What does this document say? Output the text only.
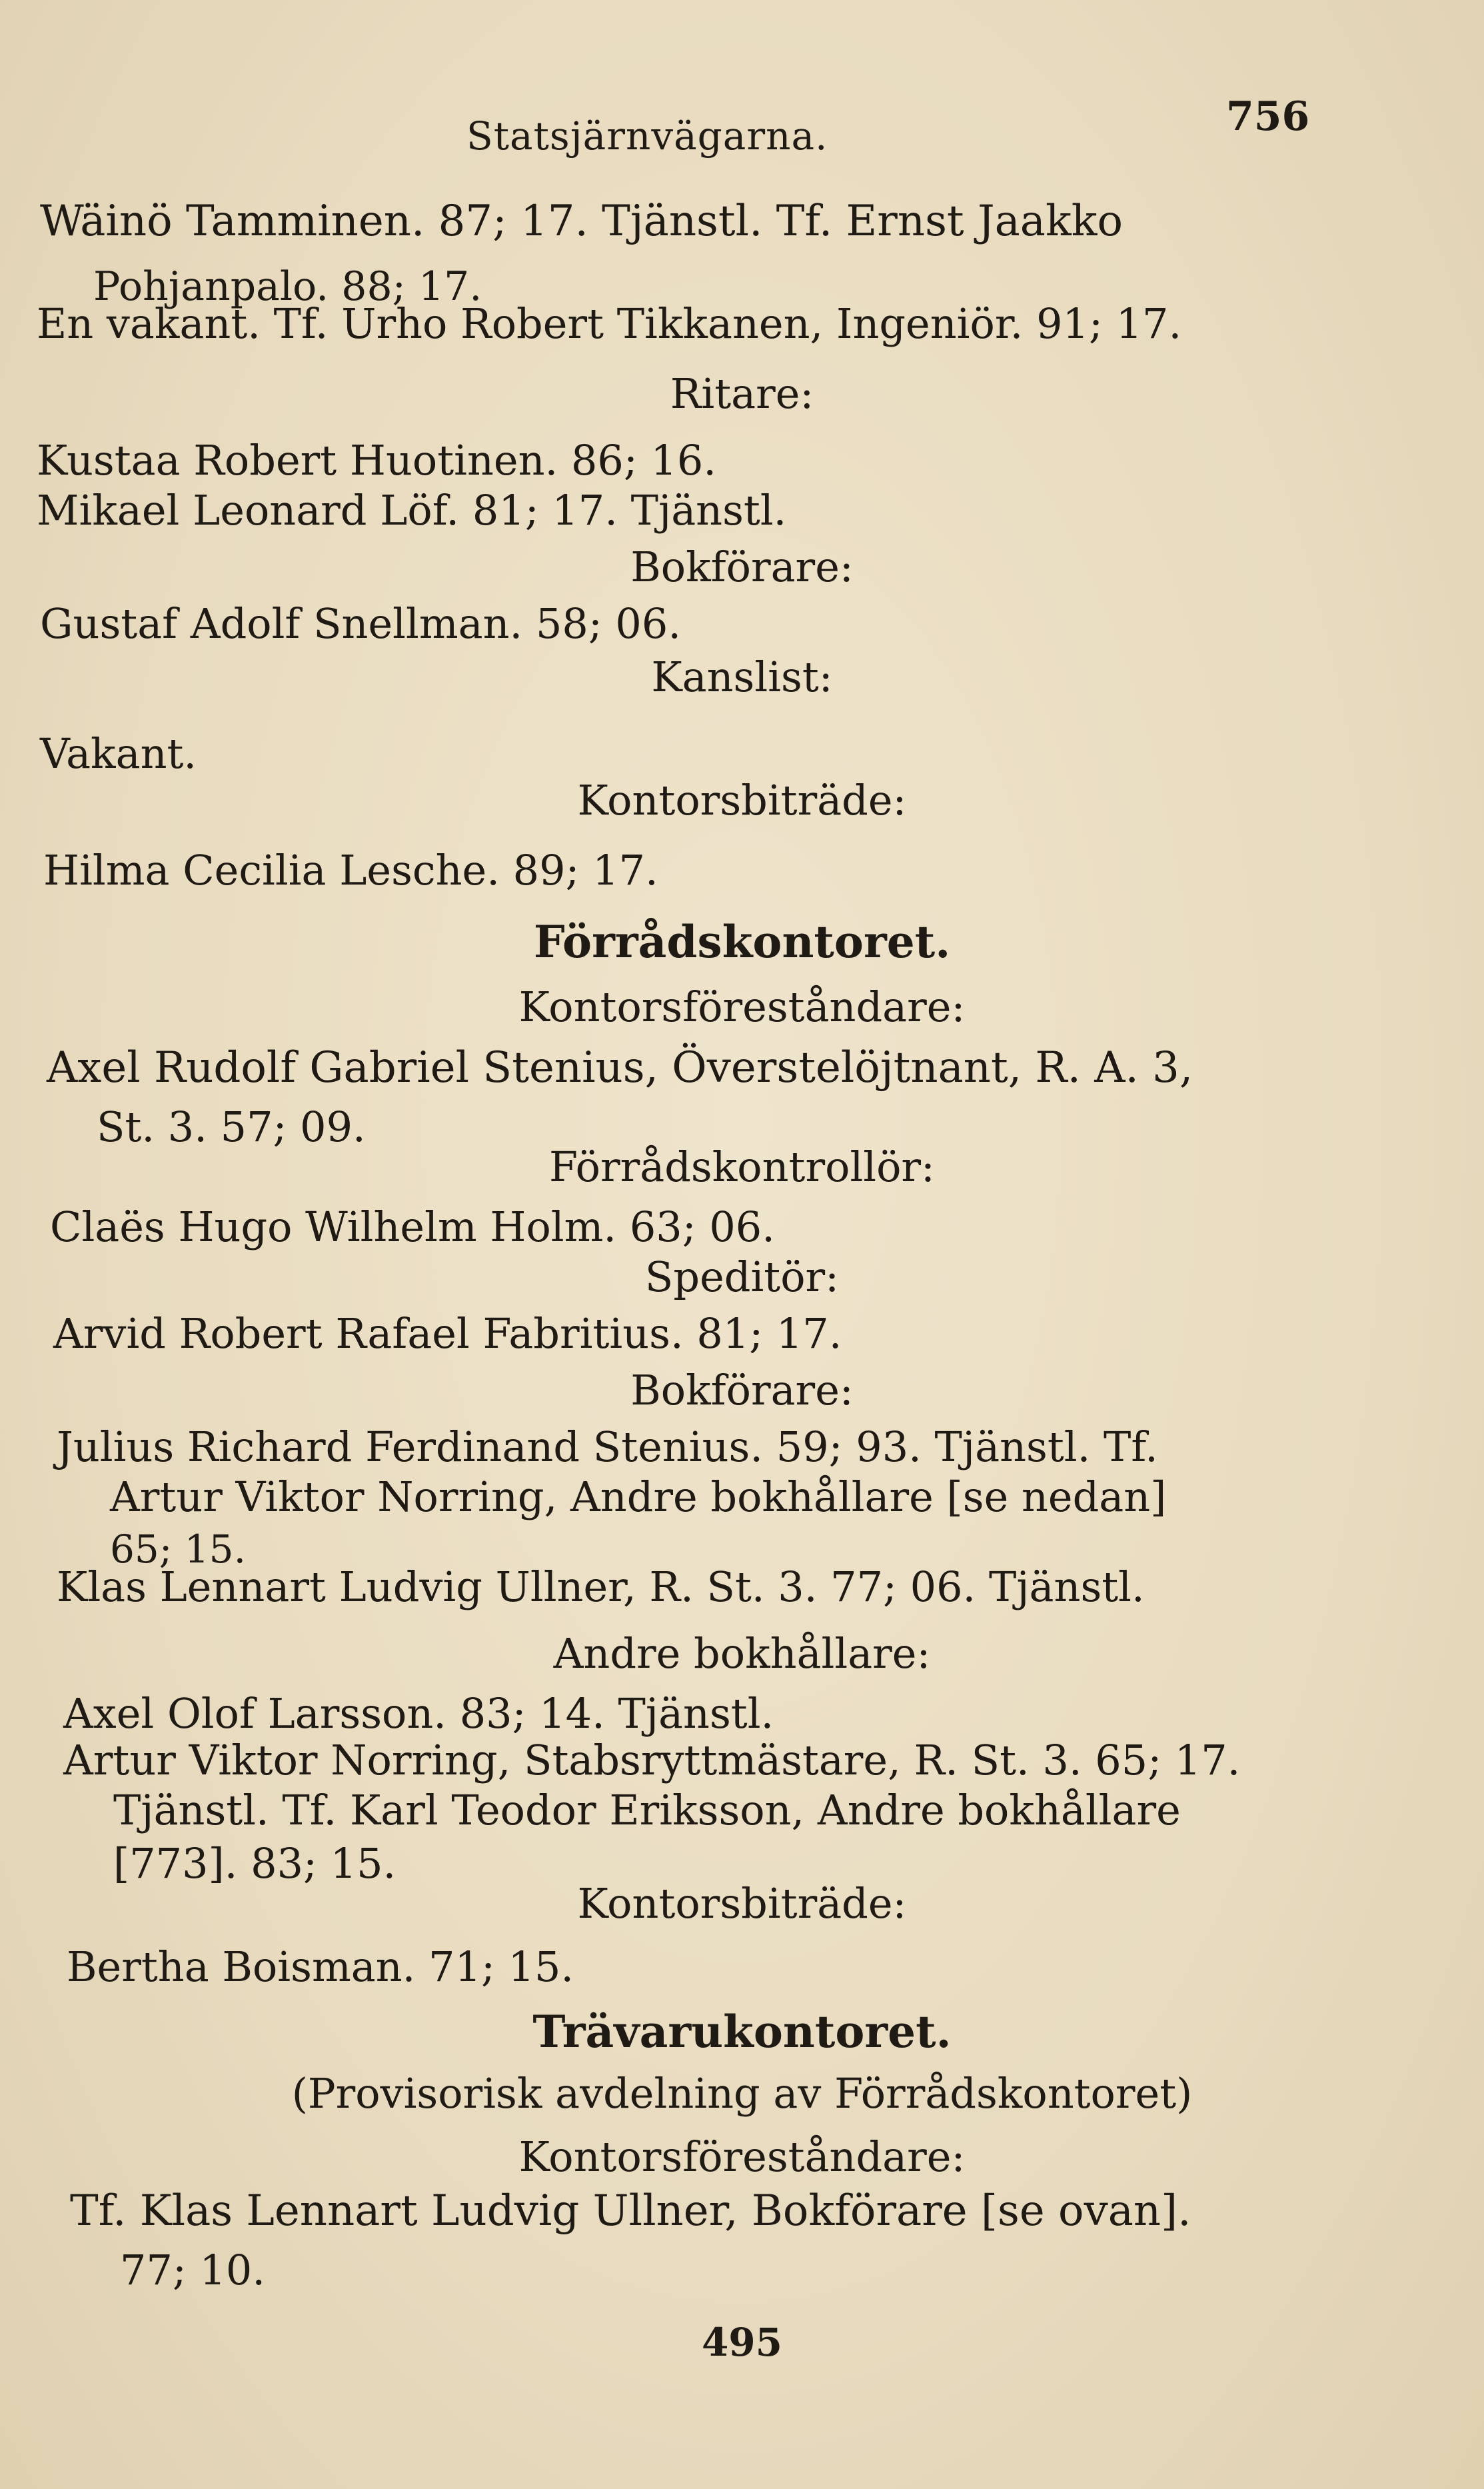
Statsjärnvägarna.	756
Wäinö Tamminen. 87; 17. Tjänstl. Tf. Ernst Jaakko
Pohjanpalo. 88; 17.
En vakant. Tf. Urho Robert Tikkanen, Ingeniör. 91; 17.
Ritare:
Kustaa Robert Huotinen. 86; 16.
Mikael Leonard Löf. 81; 17. Tjänstl.
Bokförare:
Gustaf Adolf Snellman. 58; 06.
Kanslist:
Vakant.
Kontorsbiträde:
Hilma Cecilia Lesche. 89; 17.
Förrådskontoret.
Kontorsföreståndare:
Axel Rudolf Gabriel Stenius, Överstelöjtnant, R. A. 3,
St. 3. 57; 09.
Förrådskontrollör:
Claës Hugo Wilhelm Holm. 63; 06.
Speditör:
Arvid Robert Rafael Fabritius. 81; 17.
Bokförare:
Julius Richard Ferdinand Stenius. 59; 93. Tjänstl. Tf.
Artur Viktor Norring, Andre bokhållare [se nedan]
65; 15.
Klas Lennart Ludvig Ullner, R. St. 3. 77; 06. Tjänstl.
Andre bokhållare:
Axel Olof Larsson. 83; 14. Tjänstl.
Artur Viktor Norring, Stabsryttmästare, R. St. 3. 65; 17.
Tjänstl. Tf. Karl Teodor Eriksson, Andre bokhållare
[773]. 83; 15.
Kontorsbiträde:
Bertha Boisman. 71; 15.
Trävarukontoret.
(Provisorisk avdelning av Förrådskontoret)
Kontorsföreståndare:
Tf. Klas Lennart Ludvig Ullner, Bokförare [se ovan].
77; 10.
495
